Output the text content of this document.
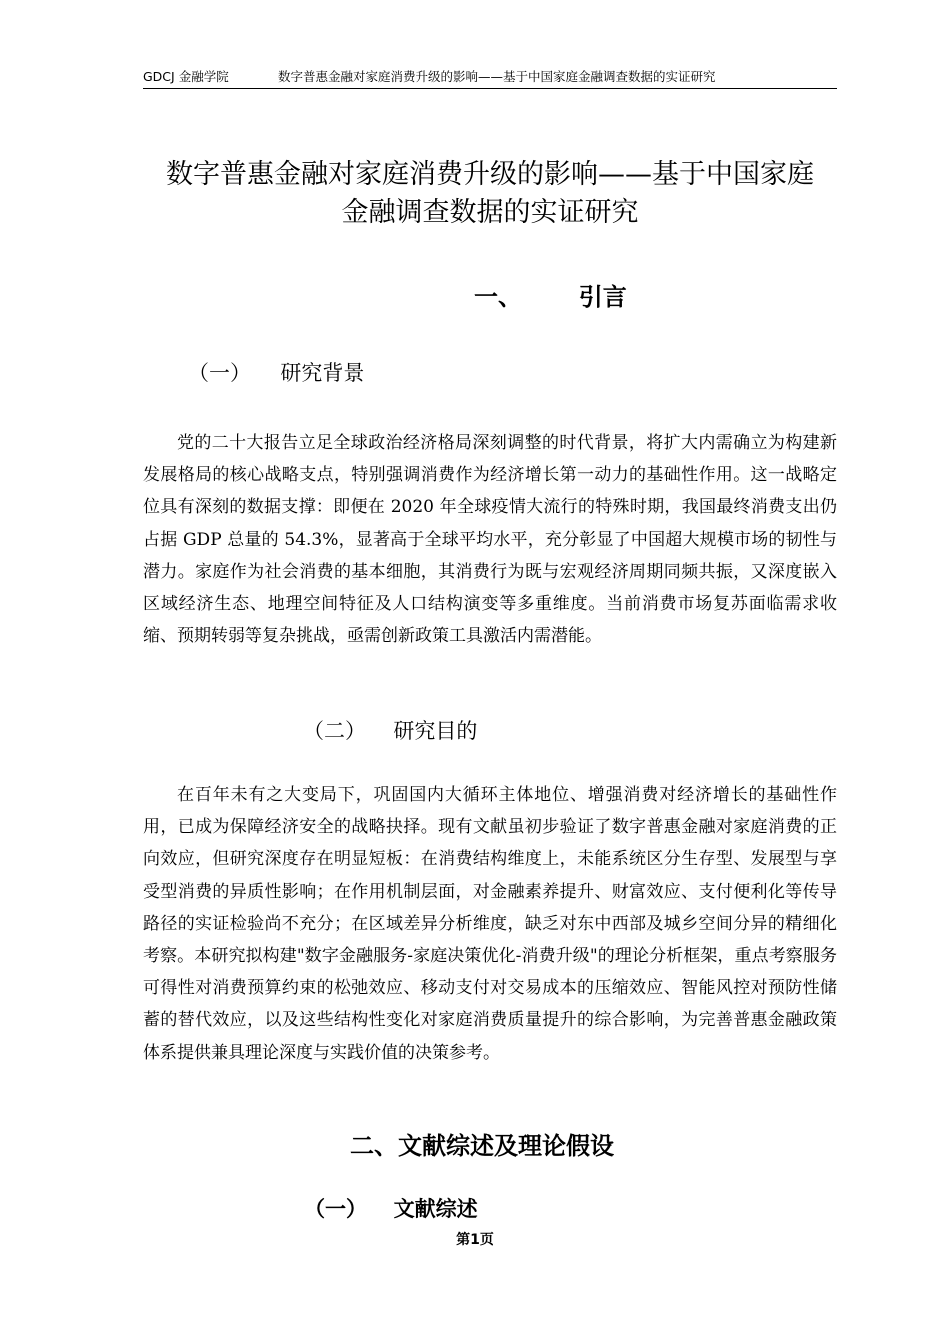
GDCJ 金融学院	数字普惠金融对家庭消费升级的影响——基于中国家庭金融调查数据的实证研究
数字普惠金融对家庭消费升级的影响——基于中国家庭
金融调查数据的实证研究
一、 引言
（一） 研究背景

党的二十大报告立足全球政治经济格局深刻调整的时代背景，将扩大内需确立为构建新发展格局的核心战略支点，特别强调消费作为经济增长第一动力的基础性作用。这一战略定位具有深刻的数据支撑：即便在 2020 年全球疫情大流行的特殊时期，我国最终消费支出仍占据 GDP 总量的 54.3%，显著高于全球平均水平，充分彰显了中国超大规模市场的韧性与潜力。家庭作为社会消费的基本细胞，其消费行为既与宏观经济周期同频共振，又深度嵌入区域经济生态、地理空间特征及人口结构演变等多重维度。当前消费市场复苏面临需求收缩、预期转弱等复杂挑战，亟需创新政策工具激活内需潜能。

（二） 研究目的

在百年未有之大变局下，巩固国内大循环主体地位、增强消费对经济增长的基础性作用，已成为保障经济安全的战略抉择。现有文献虽初步验证了数字普惠金融对家庭消费的正向效应，但研究深度存在明显短板：在消费结构维度上，未能系统区分生存型、发展型与享受型消费的异质性影响；在作用机制层面，对金融素养提升、财富效应、支付便利化等传导路径的实证检验尚不充分；在区域差异分析维度，缺乏对东中西部及城乡空间分异的精细化考察。本研究拟构建"数字金融服务-家庭决策优化-消费升级"的理论分析框架，重点考察服务可得性对消费预算约束的松弛效应、移动支付对交易成本的压缩效应、智能风控对预防性储蓄的替代效应，以及这些结构性变化对家庭消费质量提升的综合影响，为完善普惠金融政策体系提供兼具理论深度与实践价值的决策参考。

二、文献综述及理论假设
（一） 文献综述
第1页
